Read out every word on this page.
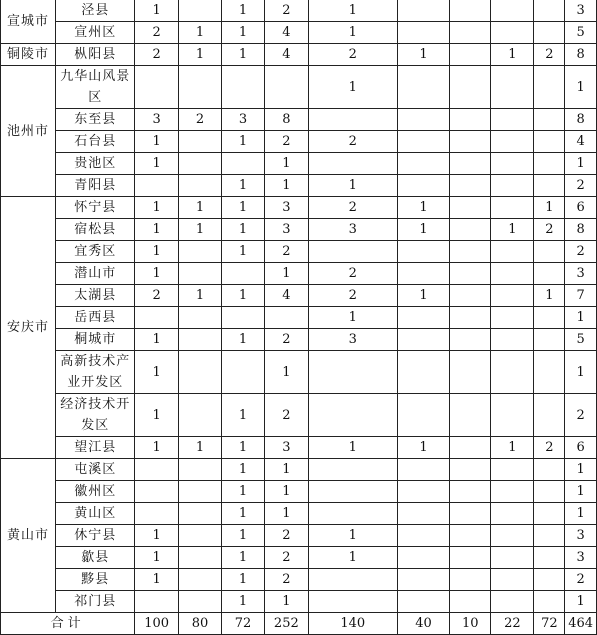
宣城市	泾县	1		1	2	1					3
	宣州区	2	1	1	4	1					5
铜陵市	枞阳县	2	1	1	4	2	1		1	2	8
池州市	九华山风景区					1					1
	东至县	3	2	3	8						8
	石台县	1		1	2	2					4
	贵池区	1			1						1
	青阳县			1	1	1					2
安庆市	怀宁县	1	1	1	3	2	1			1	6
	宿松县	1	1	1	3	3	1		1	2	8
	宜秀区	1		1	2						2
	潜山市	1			1	2					3
	太湖县	2	1	1	4	2	1			1	7
	岳西县					1					1
	桐城市	1		1	2	3					5
	高新技术产业开发区	1			1						1
	经济技术开发区	1		1	2						2
	望江县	1	1	1	3	1	1		1	2	6
黄山市	屯溪区			1	1						1
	徽州区			1	1						1
	黄山区			1	1						1
	休宁县	1		1	2	1					3
	歙县	1		1	2	1					3
	黟县	1		1	2						2
	祁门县			1	1						1
合计		100	80	72	252	140	40	10	22	72	464
